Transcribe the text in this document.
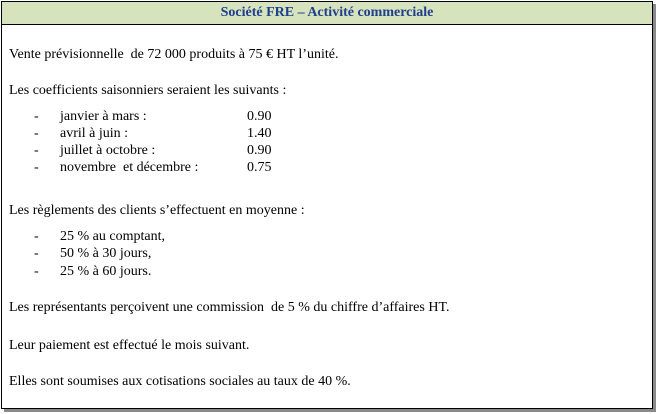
Société FRE – Activité commerciale
Vente prévisionnelle  de 72 000 produits à 75 € HT l’unité.
Les coefficients saisonniers seraient les suivants :
- janvier à mars :	0.90
- avril à juin :	1.40
- juillet à octobre :	0.90
- novembre  et décembre :	0.75
Les règlements des clients s’effectuent en moyenne :
- 25 % au comptant,
- 50 % à 30 jours,
- 25 % à 60 jours.
Les représentants perçoivent une commission  de 5 % du chiffre d’affaires HT.
Leur paiement est effectué le mois suivant.
Elles sont soumises aux cotisations sociales au taux de 40 %.
